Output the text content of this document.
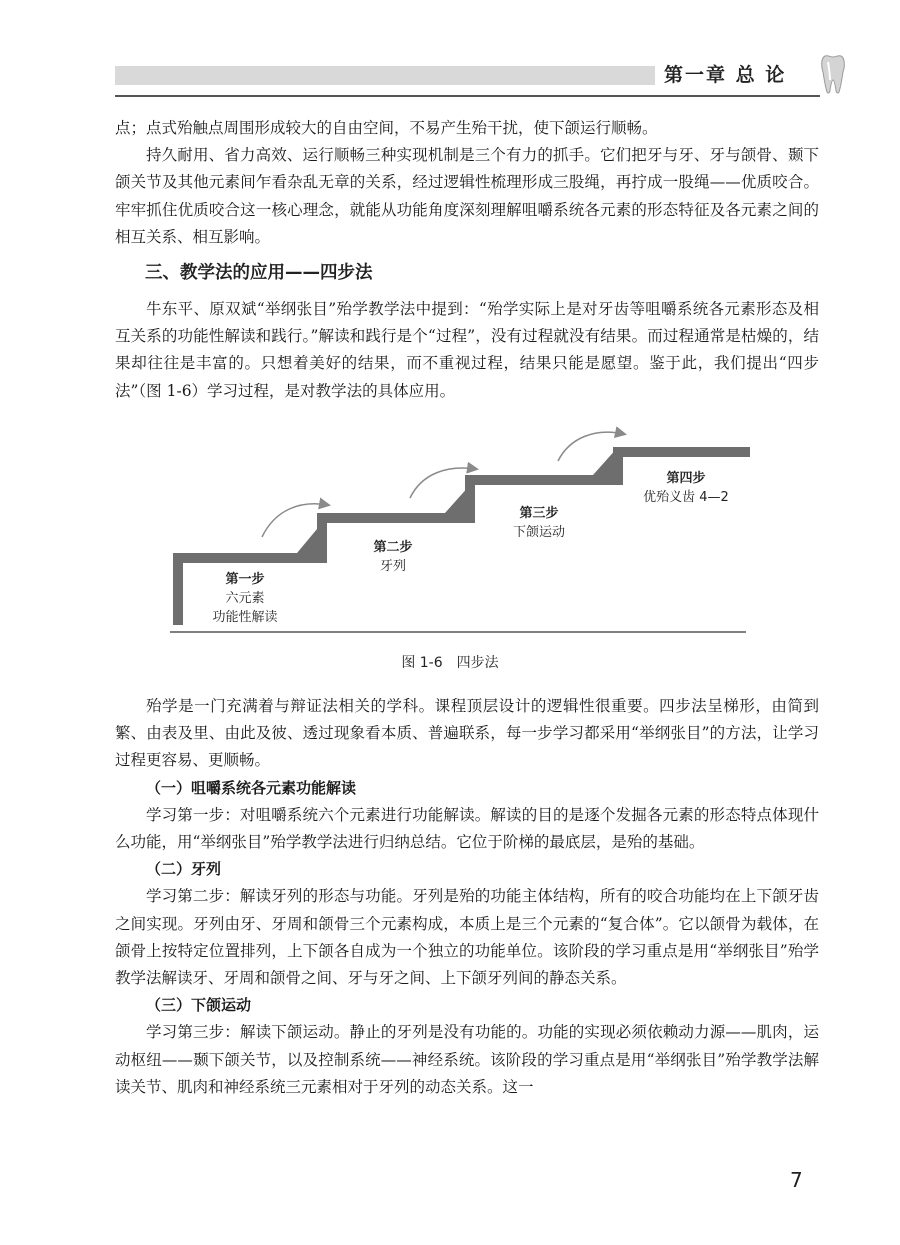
第一章 总 论

点；点式殆触点周围形成较大的自由空间，不易产生殆干扰，使下颌运行顺畅。

持久耐用、省力高效、运行顺畅三种实现机制是三个有力的抓手。它们把牙与牙、牙与颌骨、颞下颌关节及其他元素间乍看杂乱无章的关系，经过逻辑性梳理形成三股绳，再拧成一股绳——优质咬合。牢牢抓住优质咬合这一核心理念，就能从功能角度深刻理解咀嚼系统各元素的形态特征及各元素之间的相互关系、相互影响。

三、教学法的应用——四步法

牛东平、原双斌“举纲张目”殆学教学法中提到：“殆学实际上是对牙齿等咀嚼系统各元素形态及相互关系的功能性解读和践行。”解读和践行是个“过程”，没有过程就没有结果。而过程通常是枯燥的，结果却往往是丰富的。只想着美好的结果，而不重视过程，结果只能是愿望。鉴于此，我们提出“四步法”（图 1-6）学习过程，是对教学法的具体应用。

第一步
六元素
功能性解读
第二步
牙列
第三步
下颌运动
第四步
优殆义齿 4—2
图 1-6 四步法

殆学是一门充满着与辩证法相关的学科。课程顶层设计的逻辑性很重要。四步法呈梯形，由简到繁、由表及里、由此及彼、透过现象看本质、普遍联系，每一步学习都采用“举纲张目”的方法，让学习过程更容易、更顺畅。

（一）咀嚼系统各元素功能解读

学习第一步：对咀嚼系统六个元素进行功能解读。解读的目的是逐个发掘各元素的形态特点体现什么功能，用“举纲张目”殆学教学法进行归纳总结。它位于阶梯的最底层，是殆的基础。

（二）牙列

学习第二步：解读牙列的形态与功能。牙列是殆的功能主体结构，所有的咬合功能均在上下颌牙齿之间实现。牙列由牙、牙周和颌骨三个元素构成，本质上是三个元素的“复合体”。它以颌骨为载体，在颌骨上按特定位置排列，上下颌各自成为一个独立的功能单位。该阶段的学习重点是用“举纲张目”殆学教学法解读牙、牙周和颌骨之间、牙与牙之间、上下颌牙列间的静态关系。

（三）下颌运动

学习第三步：解读下颌运动。静止的牙列是没有功能的。功能的实现必须依赖动力源——肌肉，运动枢纽——颞下颌关节，以及控制系统——神经系统。该阶段的学习重点是用“举纲张目”殆学教学法解读关节、肌肉和神经系统三元素相对于牙列的动态关系。这一

7
